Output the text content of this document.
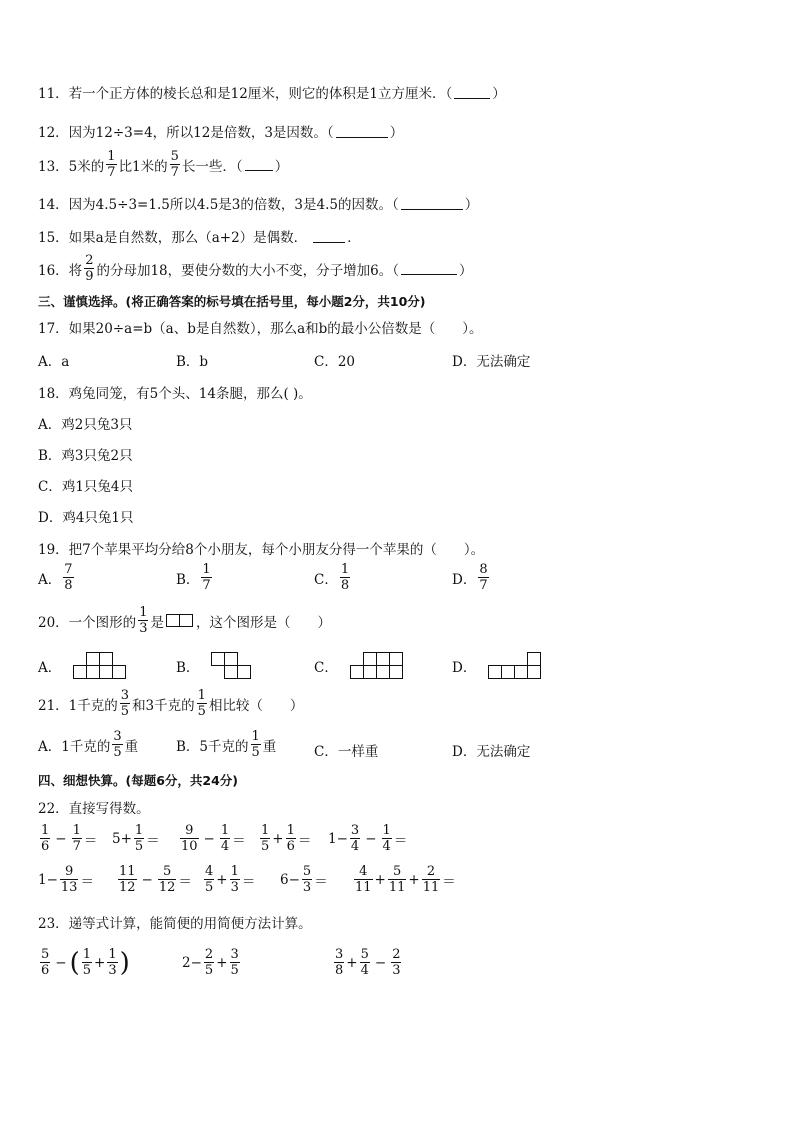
11．若一个正方体的棱长总和是12厘米，则它的体积是1立方厘米．（	）
12．因为12÷3=4，所以12是倍数，3是因数。（	）
13．5米的 $\frac{1}{7}$ 比1米的 $\frac{5}{7}$ 长一些．（ ）
14．因为4.5÷3=1.5所以4.5是3的倍数，3是4.5的因数。（	）
15．如果a是自然数，那么（a+2）是偶数．	．
16．将 $\frac{2}{9}$ 的分母加18，要使分数的大小不变，分子增加6。（	）
三、谨慎选择。(将正确答案的标号填在括号里，每小题2分，共10分)
17．如果20÷a=b（a、b是自然数），那么a和b的最小公倍数是（　　）。
A．a	B．b	C．20	D．无法确定
18．鸡兔同笼，有5个头、14条腿，那么( )。
A．鸡2只兔3只
B．鸡3只兔2只
C．鸡1只兔4只
D．鸡4只兔1只
19．把7个苹果平均分给8个小朋友，每个小朋友分得一个苹果的（　　）。
A． $\frac{7}{8}$	B． $\frac{1}{7}$	C． $\frac{1}{8}$	D． $\frac{8}{7}$
20．一个图形的 $\frac{1}{3}$ 是 ，这个图形是（　　）
A．	B．	C．	D．
21．1千克的 $\frac{3}{5}$ 和3千克的 $\frac{1}{5}$ 相比较（　　）
A．1千克的 $\frac{3}{5}$ 重	B．5千克的 $\frac{1}{5}$ 重	C．一样重	D．无法确定
四、细想快算。(每题6分，共24分)
22．直接写得数。
$\frac{1}{6} - \frac{1}{7} = 5+ \frac{1}{5} = \frac{9}{10} - \frac{1}{4} = \frac{1}{5} + \frac{1}{6} = 1- \frac{3}{4} - \frac{1}{4}$ ＝
$1- \frac{9}{13} = \frac{11}{12} - \frac{5}{12} = \frac{4}{5} + \frac{1}{3} = 6- \frac{5}{3} = \frac{4}{11} + \frac{5}{11} + \frac{2}{11}$ ＝
23．递等式计算，能简便的用简便方法计算。
$\frac{5}{6}$ − ( $\frac{1}{5} + \frac{1}{3}$ )	$2- \frac{2}{5} + \frac{3}{5}$	$\frac{3}{8} + \frac{5}{4} - \frac{2}{3}$
